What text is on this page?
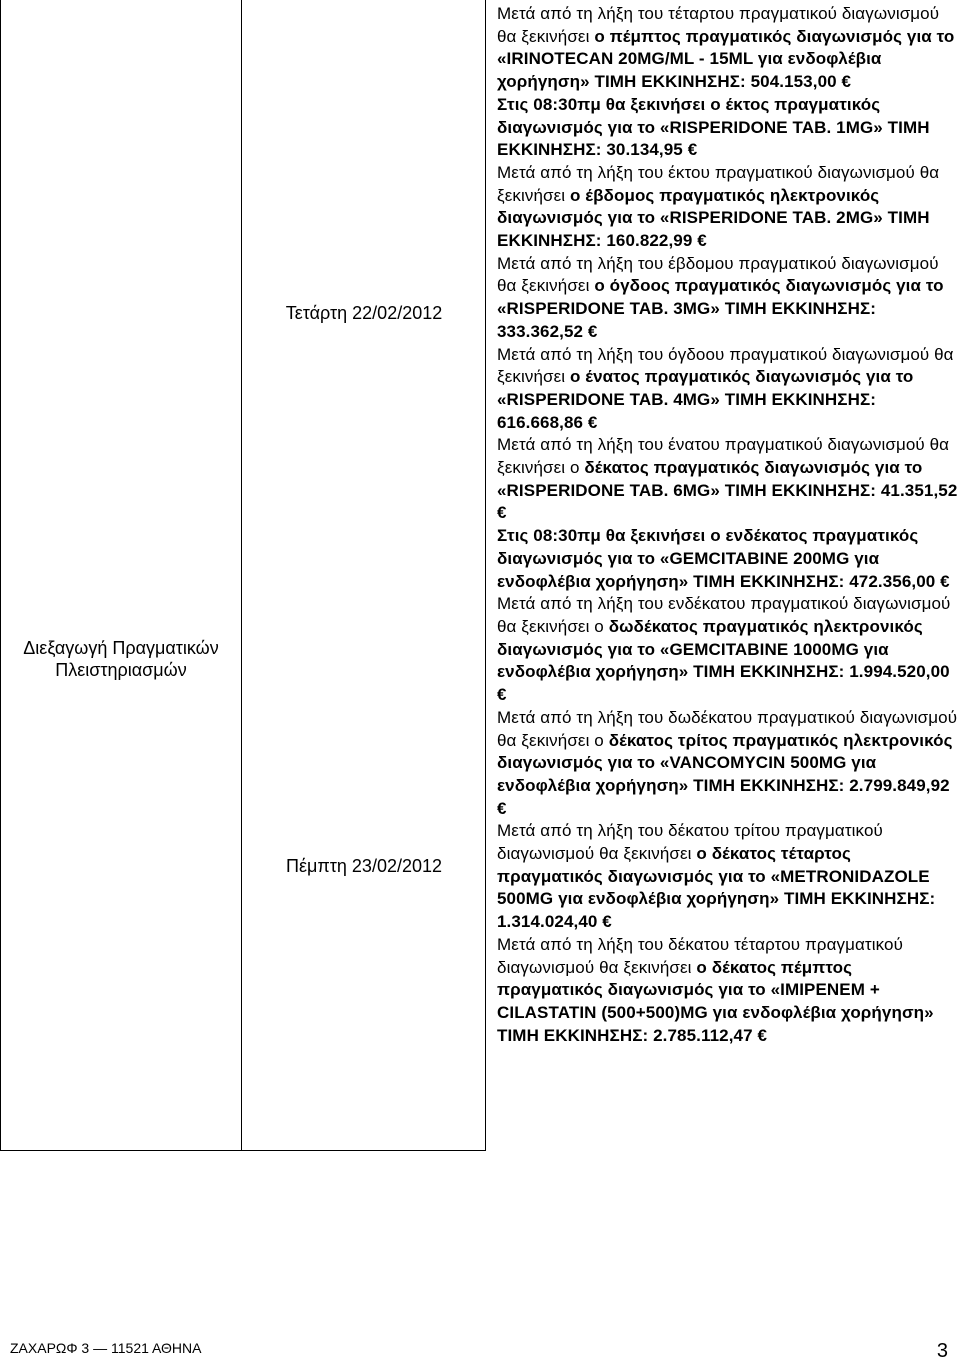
Διεξαγωγή Πραγματικών
Πλειστηριασμών
Τετάρτη 22/02/2012
Πέμπτη 23/02/2012

Μετά από τη λήξη του τέταρτου πραγματικού διαγωνισμού θα ξεκινήσει ο πέμπτος πραγματικός διαγωνισμός για το «IRINOTECAN 20MG/ML - 15ML για ενδοφλέβια χορήγηση» ΤΙΜΗ ΕΚΚΙΝΗΣΗΣ: 504.153,00 €

Στις 08:30πμ θα ξεκινήσει ο έκτος πραγματικός διαγωνισμός για το «RISPERIDONE TAB. 1MG» ΤΙΜΗ ΕΚΚΙΝΗΣΗΣ: 30.134,95 €

Μετά από τη λήξη του έκτου πραγματικού διαγωνισμού θα ξεκινήσει ο έβδομος πραγματικός ηλεκτρονικός διαγωνισμός για το «RISPERIDONE TAB. 2MG» ΤΙΜΗ ΕΚΚΙΝΗΣΗΣ: 160.822,99 €

Μετά από τη λήξη του έβδομου πραγματικού διαγωνισμού θα ξεκινήσει ο όγδοος πραγματικός διαγωνισμός για το «RISPERIDONE TAB. 3MG» ΤΙΜΗ ΕΚΚΙΝΗΣΗΣ: 333.362,52 €

Μετά από τη λήξη του όγδοου πραγματικού διαγωνισμού θα ξεκινήσει ο ένατος πραγματικός διαγωνισμός για το «RISPERIDONE TAB. 4MG» ΤΙΜΗ ΕΚΚΙΝΗΣΗΣ: 616.668,86 €

Μετά από τη λήξη του ένατου πραγματικού διαγωνισμού θα ξεκινήσει ο δέκατος πραγματικός διαγωνισμός για το «RISPERIDONE TAB. 6MG» ΤΙΜΗ ΕΚΚΙΝΗΣΗΣ: 41.351,52 €

Στις 08:30πμ θα ξεκινήσει ο ενδέκατος πραγματικός διαγωνισμός για το «GEMCITABINE 200MG για ενδοφλέβια χορήγηση» ΤΙΜΗ ΕΚΚΙΝΗΣΗΣ: 472.356,00 €

Μετά από τη λήξη του ενδέκατου πραγματικού διαγωνισμού θα ξεκινήσει ο δωδέκατος πραγματικός ηλεκτρονικός διαγωνισμός για το «GEMCITABINE 1000MG για ενδοφλέβια χορήγηση» ΤΙΜΗ ΕΚΚΙΝΗΣΗΣ: 1.994.520,00 €

Μετά από τη λήξη του δωδέκατου πραγματικού διαγωνισμού θα ξεκινήσει ο δέκατος τρίτος πραγματικός ηλεκτρονικός διαγωνισμός για το «VANCOMYCIN 500MG για ενδοφλέβια χορήγηση» ΤΙΜΗ ΕΚΚΙΝΗΣΗΣ: 2.799.849,92 €

Μετά από τη λήξη του δέκατου τρίτου πραγματικού διαγωνισμού θα ξεκινήσει ο δέκατος τέταρτος πραγματικός διαγωνισμός για το «METRONIDAZOLE 500MG για ενδοφλέβια χορήγηση» ΤΙΜΗ ΕΚΚΙΝΗΣΗΣ: 1.314.024,40 €

Μετά από τη λήξη του δέκατου τέταρτου πραγματικού διαγωνισμού θα ξεκινήσει ο δέκατος πέμπτος πραγματικός διαγωνισμός για το «IMIPENEM + CILASTATIN (500+500)MG για ενδοφλέβια χορήγηση» ΤΙΜΗ ΕΚΚΙΝΗΣΗΣ: 2.785.112,47 €

ΖΑΧΑΡΩΦ 3 — 11521 ΑΘΗΝΑ	3
